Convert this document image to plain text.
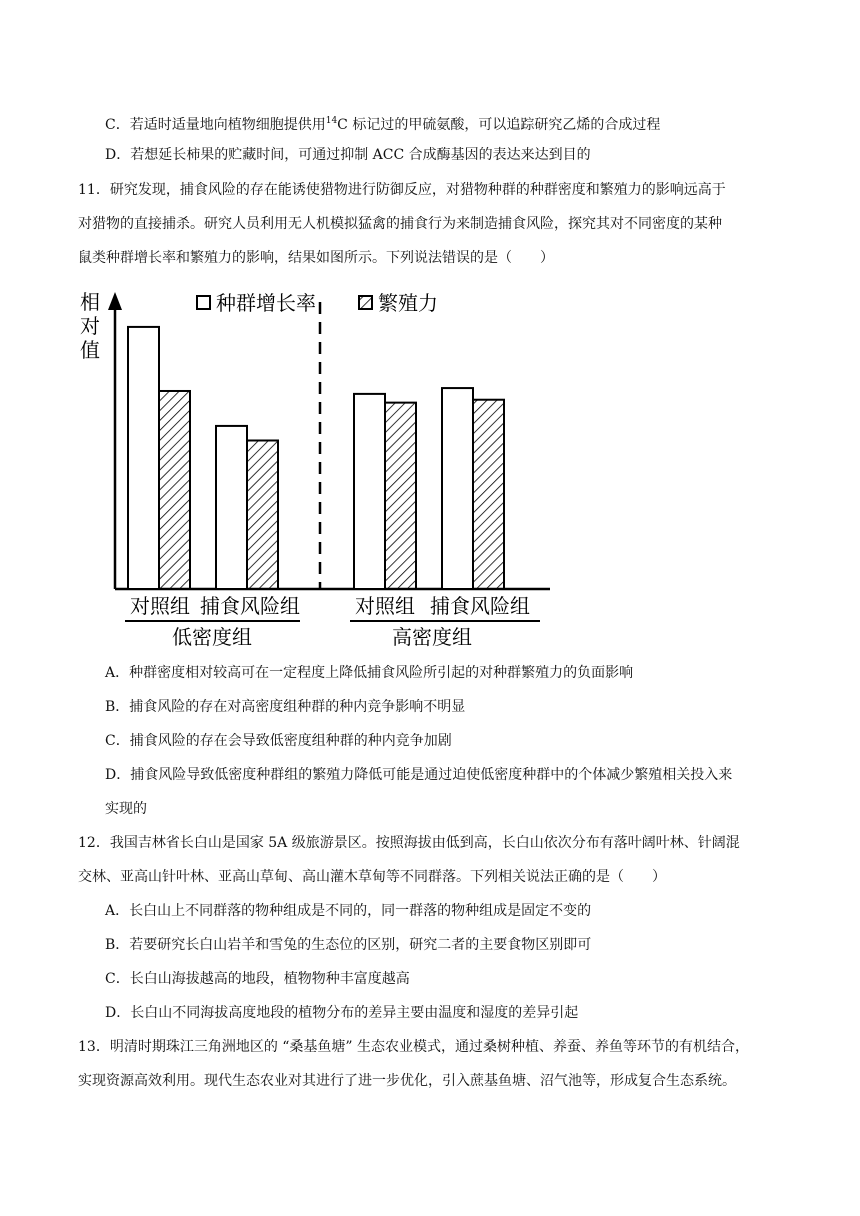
C．若适时适量地向植物细胞提供用$^{14}$C 标记过的甲硫氨酸，可以追踪研究乙烯的合成过程
D．若想延长柿果的贮藏时间，可通过抑制 ACC 合成酶基因的表达来达到目的
11．研究发现，捕食风险的存在能诱使猎物进行防御反应，对猎物种群的种群密度和繁殖力的影响远高于
对猎物的直接捕杀。研究人员利用无人机模拟猛禽的捕食行为来制造捕食风险，探究其对不同密度的某种
鼠类种群增长率和繁殖力的影响，结果如图所示。下列说法错误的是（　　）
相
对
值
种群增长率	繁殖力
对照组 捕食风险组	对照组 捕食风险组
低密度组	高密度组
A．种群密度相对较高可在一定程度上降低捕食风险所引起的对种群繁殖力的负面影响
B．捕食风险的存在对高密度组种群的种内竞争影响不明显
C．捕食风险的存在会导致低密度组种群的种内竞争加剧
D．捕食风险导致低密度种群组的繁殖力降低可能是通过迫使低密度种群中的个体减少繁殖相关投入来
实现的
12．我国吉林省长白山是国家 5A 级旅游景区。按照海拔由低到高，长白山依次分布有落叶阔叶林、针阔混
交林、亚高山针叶林、亚高山草甸、高山灌木草甸等不同群落。下列相关说法正确的是（　　）
A．长白山上不同群落的物种组成是不同的，同一群落的物种组成是固定不变的
B．若要研究长白山岩羊和雪兔的生态位的区别，研究二者的主要食物区别即可
C．长白山海拔越高的地段，植物物种丰富度越高
D．长白山不同海拔高度地段的植物分布的差异主要由温度和湿度的差异引起
13．明清时期珠江三角洲地区的 “桑基鱼塘” 生态农业模式，通过桑树种植、养蚕、养鱼等环节的有机结合，
实现资源高效利用。现代生态农业对其进行了进一步优化，引入蔗基鱼塘、沼气池等，形成复合生态系统。
